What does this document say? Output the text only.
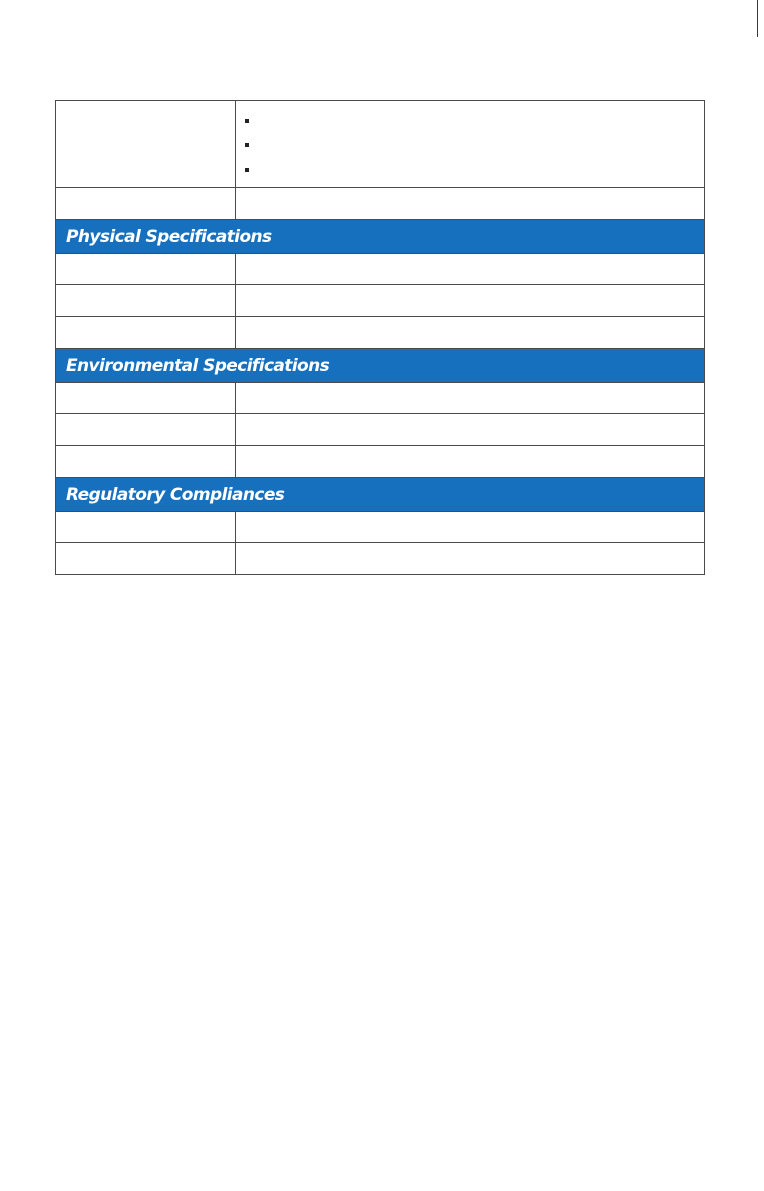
Physical Specifications
Environmental Specifications
Regulatory Compliances
